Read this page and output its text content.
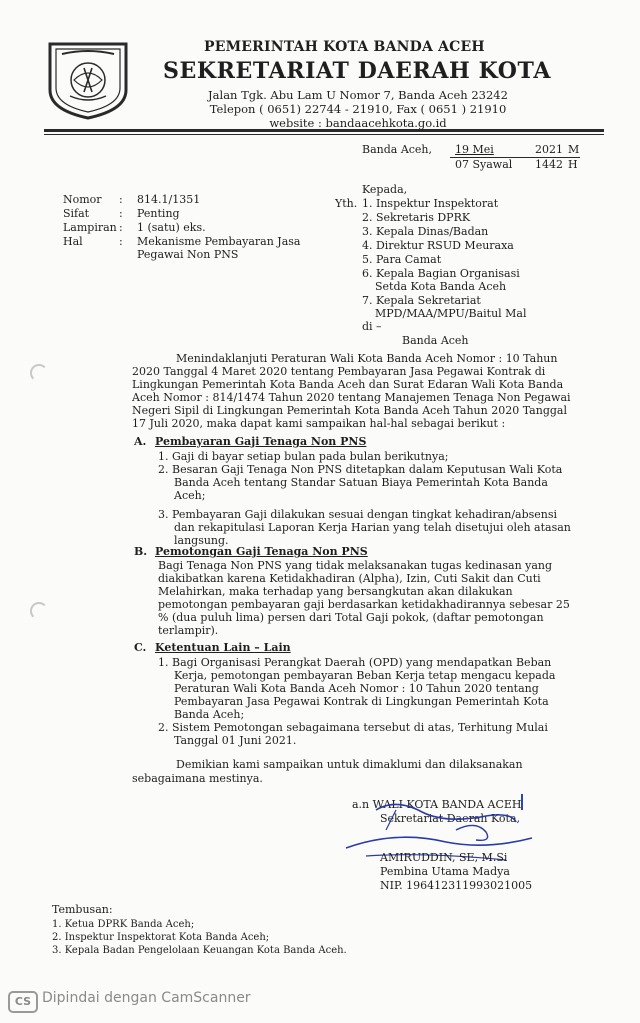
PEMERINTAH KOTA BANDA ACEH
SEKRETARIAT DAERAH KOTA
Jalan Tgk. Abu Lam U Nomor 7, Banda Aceh 23242
Telepon ( 0651) 22744 - 21910, Fax ( 0651 ) 21910
website : bandaacehkota.go.id
Banda Aceh, 19 Mei	2021 M
07 Syawal 1442 H
Nomor : 814.1/1351
Sifat	: Penting
Lampiran : 1 (satu) eks.
Hal	: Mekanisme Pembayaran Jasa
Pegawai Non PNS
Kepada,
Yth. 1. Inspektur Inspektorat
2. Sekretaris DPRK
3. Kepala Dinas/Badan
4. Direktur RSUD Meuraxa
5. Para Camat
6. Kepala Bagian Organisasi
Setda Kota Banda Aceh
7. Kepala Sekretariat
MPD/MAA/MPU/Baitul Mal
di –
Banda Aceh
Menindaklanjuti Peraturan Wali Kota Banda Aceh Nomor : 10 Tahun
2020 Tanggal 4 Maret 2020 tentang Pembayaran Jasa Pegawai Kontrak di
Lingkungan Pemerintah Kota Banda Aceh dan Surat Edaran Wali Kota Banda
Aceh Nomor : 814/1474 Tahun 2020 tentang Manajemen Tenaga Non Pegawai
Negeri Sipil di Lingkungan Pemerintah Kota Banda Aceh Tahun 2020 Tanggal
17 Juli 2020, maka dapat kami sampaikan hal-hal sebagai berikut :
A. Pembayaran Gaji Tenaga Non PNS
1. Gaji di bayar setiap bulan pada bulan berikutnya;
2. Besaran Gaji Tenaga Non PNS ditetapkan dalam Keputusan Wali Kota
Banda Aceh tentang Standar Satuan Biaya Pemerintah Kota Banda
Aceh;
3. Pembayaran Gaji dilakukan sesuai dengan tingkat kehadiran/absensi
dan rekapitulasi Laporan Kerja Harian yang telah disetujui oleh atasan
langsung.
B. Pemotongan Gaji Tenaga Non PNS
Bagi Tenaga Non PNS yang tidak melaksanakan tugas kedinasan yang
diakibatkan karena Ketidakhadiran (Alpha), Izin, Cuti Sakit dan Cuti
Melahirkan, maka terhadap yang bersangkutan akan dilakukan
pemotongan pembayaran gaji berdasarkan ketidakhadirannya sebesar 25
% (dua puluh lima) persen dari Total Gaji pokok, (daftar pemotongan
terlampir).
C. Ketentuan Lain – Lain
1. Bagi Organisasi Perangkat Daerah (OPD) yang mendapatkan Beban
Kerja, pemotongan pembayaran Beban Kerja tetap mengacu kepada
Peraturan Wali Kota Banda Aceh Nomor : 10 Tahun 2020 tentang
Pembayaran Jasa Pegawai Kontrak di Lingkungan Pemerintah Kota
Banda Aceh;
2. Sistem Pemotongan sebagaimana tersebut di atas, Terhitung Mulai
Tanggal 01 Juni 2021.
Demikian kami sampaikan untuk dimaklumi dan dilaksanakan
sebagaimana mestinya.
a.n WALI KOTA BANDA ACEH
Sekretariat Daerah Kota,
AMIRUDDIN, SE, M.Si
Pembina Utama Madya
NIP. 196412311993021005
Tembusan:
1. Ketua DPRK Banda Aceh;
2. Inspektur Inspektorat Kota Banda Aceh;
3. Kepala Badan Pengelolaan Keuangan Kota Banda Aceh.
CS Dipindai dengan CamScanner
